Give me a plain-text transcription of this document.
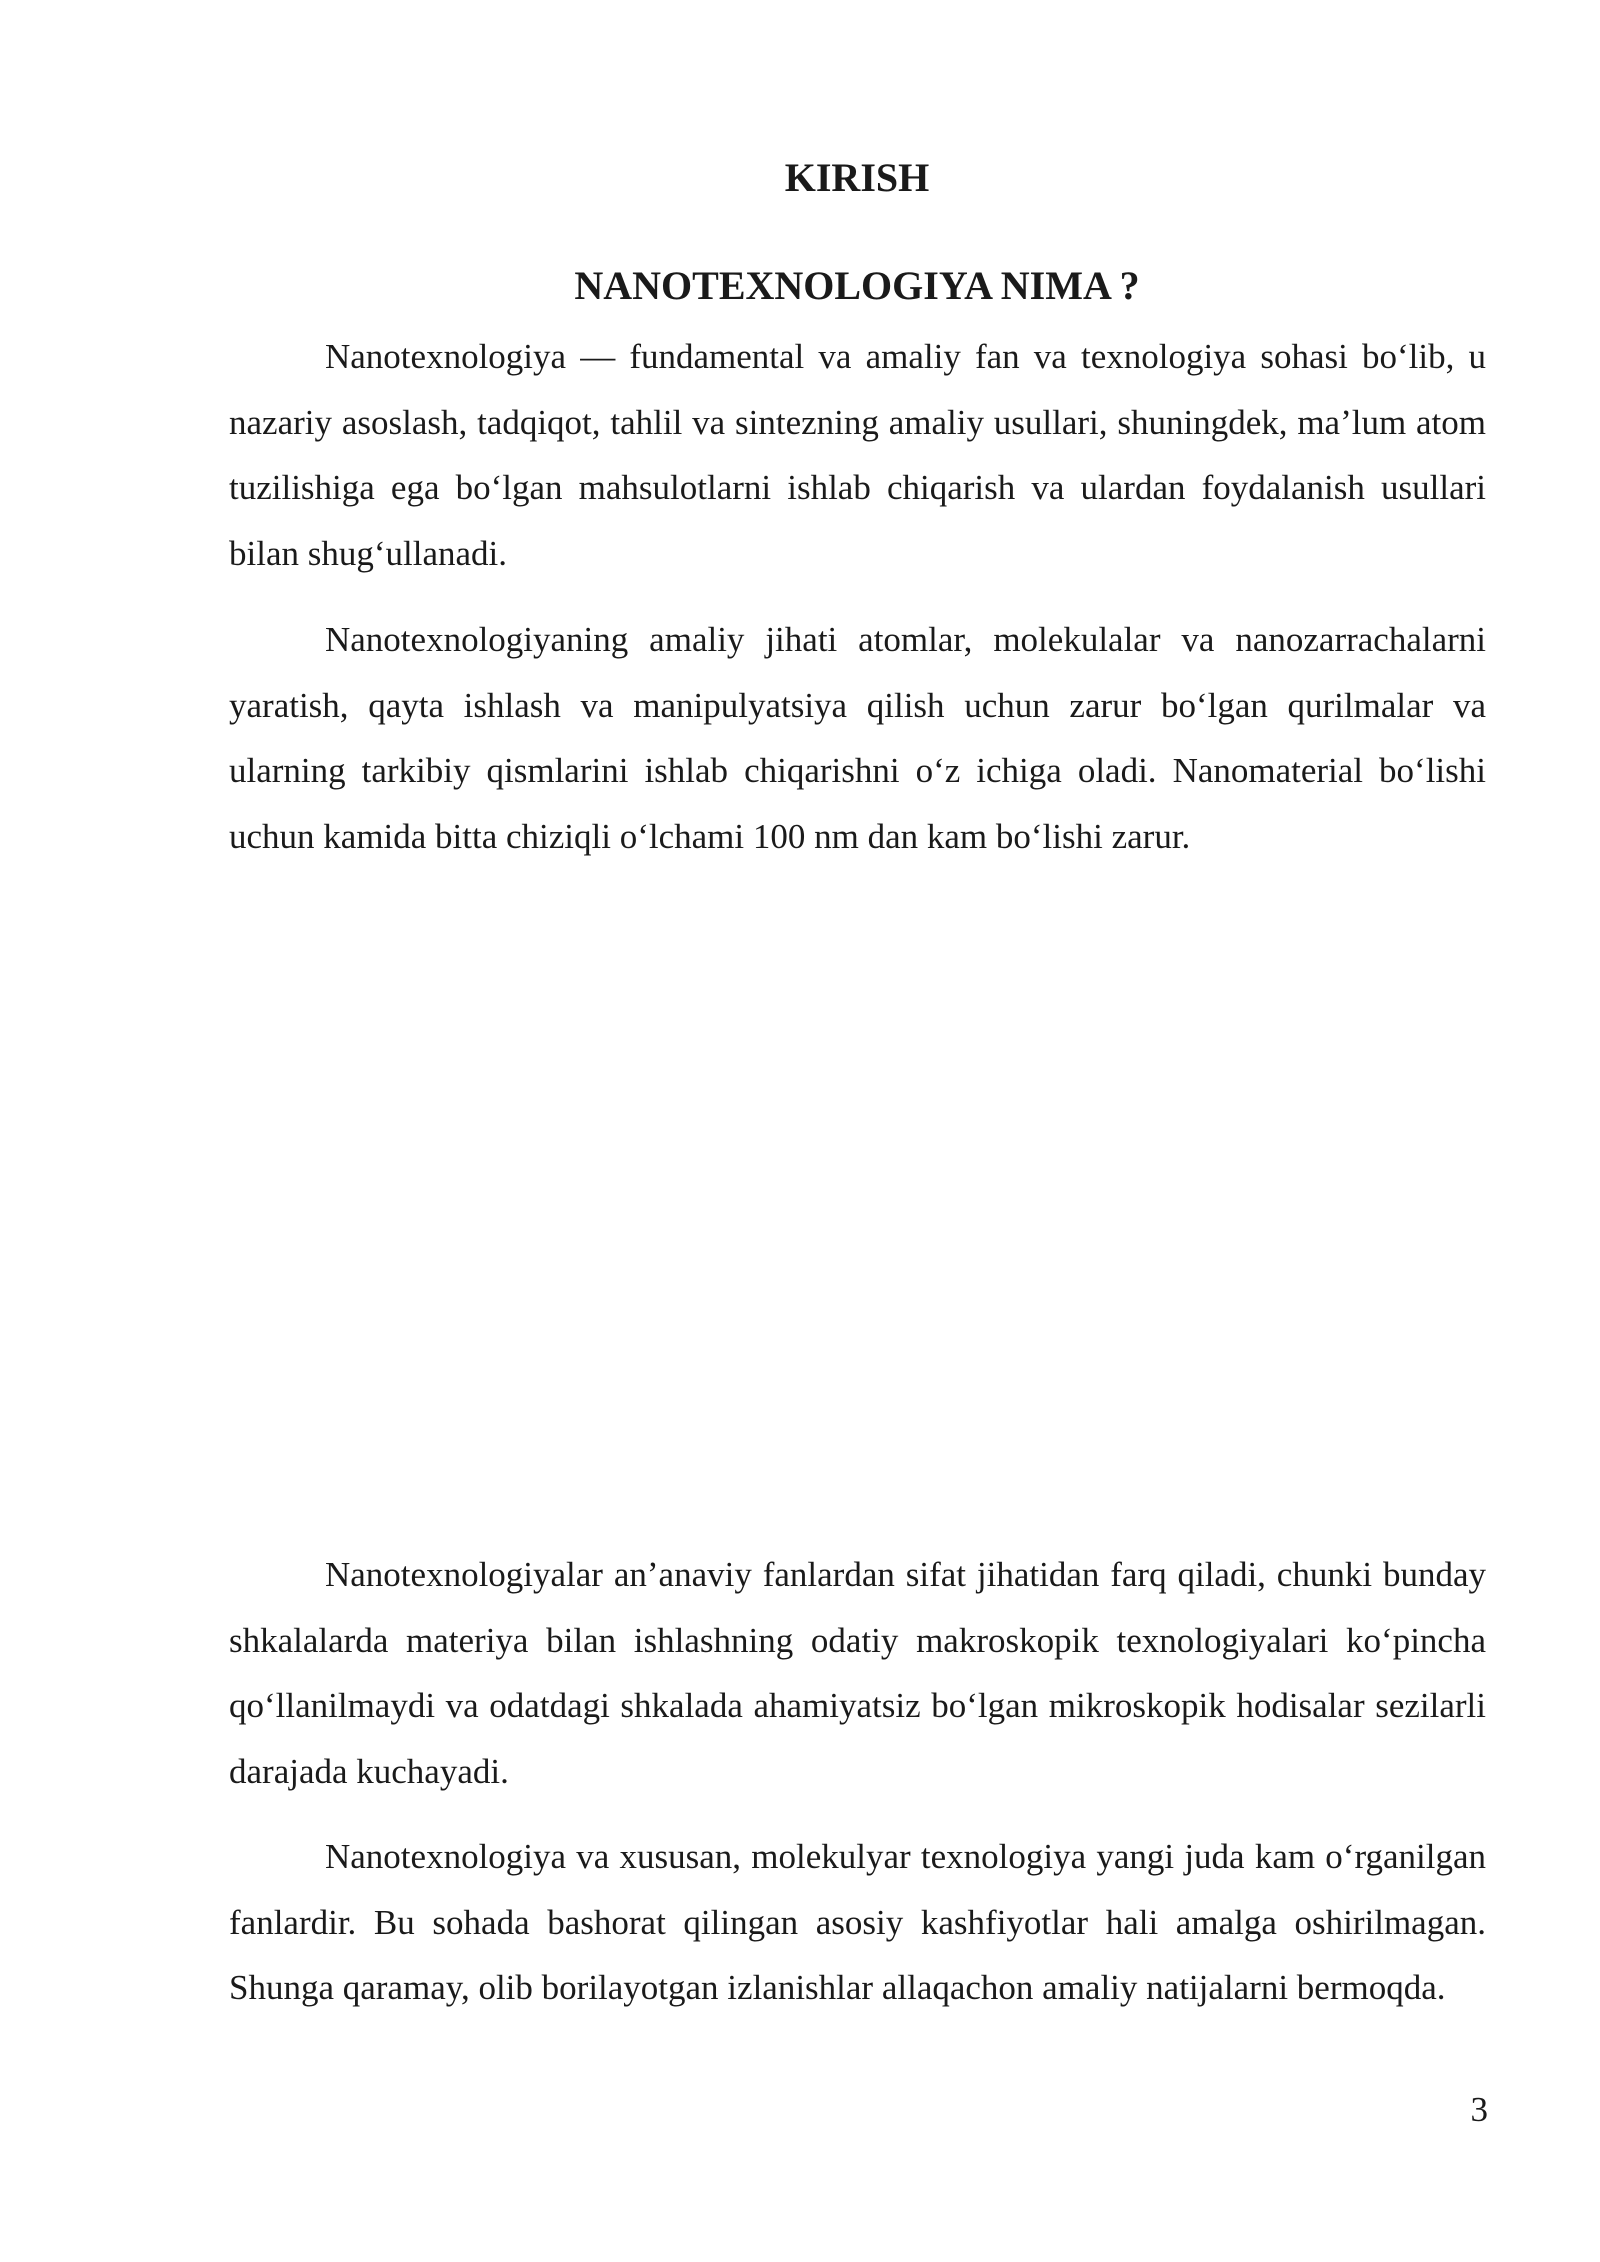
KIRISH
NANOTEXNOLOGIYA NIMA ?

Nanotexnologiya — fundamental va amaliy fan va texnologiya sohasi boʻlib, u nazariy asoslash, tadqiqot, tahlil va sintezning amaliy usullari, shuningdek, maʼlum atom tuzilishiga ega boʻlgan mahsulotlarni ishlab chiqarish va ulardan foydalanish usullari bilan shugʻullanadi.

Nanotexnologiyaning amaliy jihati atomlar, molekulalar va nanozarrachalarni yaratish, qayta ishlash va manipulyatsiya qilish uchun zarur boʻlgan qurilmalar va ularning tarkibiy qismlarini ishlab chiqarishni oʻz ichiga oladi. Nanomaterial boʻlishi uchun kamida bitta chiziqli oʻlchami 100 nm dan kam boʻlishi zarur.

Nanotexnologiyalar anʼanaviy fanlardan sifat jihatidan farq qiladi, chunki bunday shkalalarda materiya bilan ishlashning odatiy makroskopik texnologiyalari koʻpincha qoʻllanilmaydi va odatdagi shkalada ahamiyatsiz boʻlgan mikroskopik hodisalar sezilarli darajada kuchayadi.

Nanotexnologiya va xususan, molekulyar texnologiya yangi juda kam oʻrganilgan fanlardir. Bu sohada bashorat qilingan asosiy kashfiyotlar hali amalga oshirilmagan. Shunga qaramay, olib borilayotgan izlanishlar allaqachon amaliy natijalarni bermoqda.

3
